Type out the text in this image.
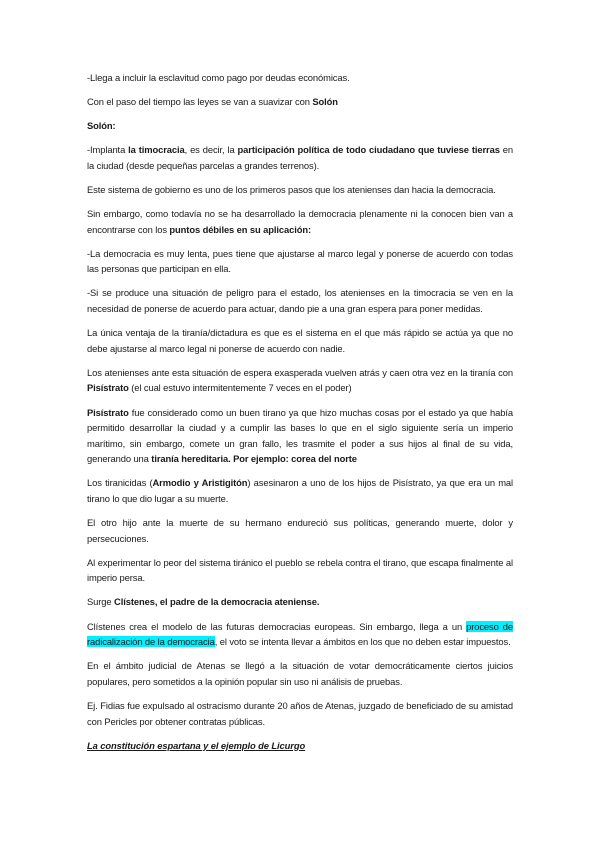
-Llega a incluir la esclavitud como pago por deudas económicas.

Con el paso del tiempo las leyes se van a suavizar con Solón

Solón:

-Implanta la timocracia, es decir, la participación política de todo ciudadano que tuviese tierras en la ciudad (desde pequeñas parcelas a grandes terrenos).

Este sistema de gobierno es uno de los primeros pasos que los atenienses dan hacia la democracia.

Sin embargo, como todavía no se ha desarrollado la democracia plenamente ni la conocen bien van a encontrarse con los puntos débiles en su aplicación:

-La democracia es muy lenta, pues tiene que ajustarse al marco legal y ponerse de acuerdo con todas las personas que participan en ella.

-Si se produce una situación de peligro para el estado, los atenienses en la timocracia se ven en la necesidad de ponerse de acuerdo para actuar, dando pie a una gran espera para poner medidas.

La única ventaja de la tiranía/dictadura es que es el sistema en el que más rápido se actúa ya que no debe ajustarse al marco legal ni ponerse de acuerdo con nadie.

Los atenienses ante esta situación de espera exasperada vuelven atrás y caen otra vez en la tiranía con Pisístrato (el cual estuvo intermitentemente 7 veces en el poder)

Pisístrato fue considerado como un buen tirano ya que hizo muchas cosas por el estado ya que había permitido desarrollar la ciudad y a cumplir las bases lo que en el siglo siguiente sería un imperio marítimo, sin embargo, comete un gran fallo, les trasmite el poder a sus hijos al final de su vida, generando una tiranía hereditaria. Por ejemplo: corea del norte

Los tiranicidas (Armodio y Aristigitón) asesinaron a uno de los hijos de Pisístrato, ya que era un mal tirano lo que dio lugar a su muerte.

El otro hijo ante la muerte de su hermano endureció sus políticas, generando muerte, dolor y persecuciones.

Al experimentar lo peor del sistema tiránico el pueblo se rebela contra el tirano, que escapa finalmente al imperio persa.

Surge Clístenes, el padre de la democracia ateniense.

Clístenes crea el modelo de las futuras democracias europeas. Sin embargo, llega a un proceso de radicalización de la democracia, el voto se intenta llevar a ámbitos en los que no deben estar impuestos.

En el ámbito judicial de Atenas se llegó a la situación de votar democráticamente ciertos juicios populares, pero sometidos a la opinión popular sin uso ni análisis de pruebas.

Ej. Fidias fue expulsado al ostracismo durante 20 años de Atenas, juzgado de beneficiado de su amistad con Pericles por obtener contratas públicas.

La constitución espartana y el ejemplo de Licurgo
